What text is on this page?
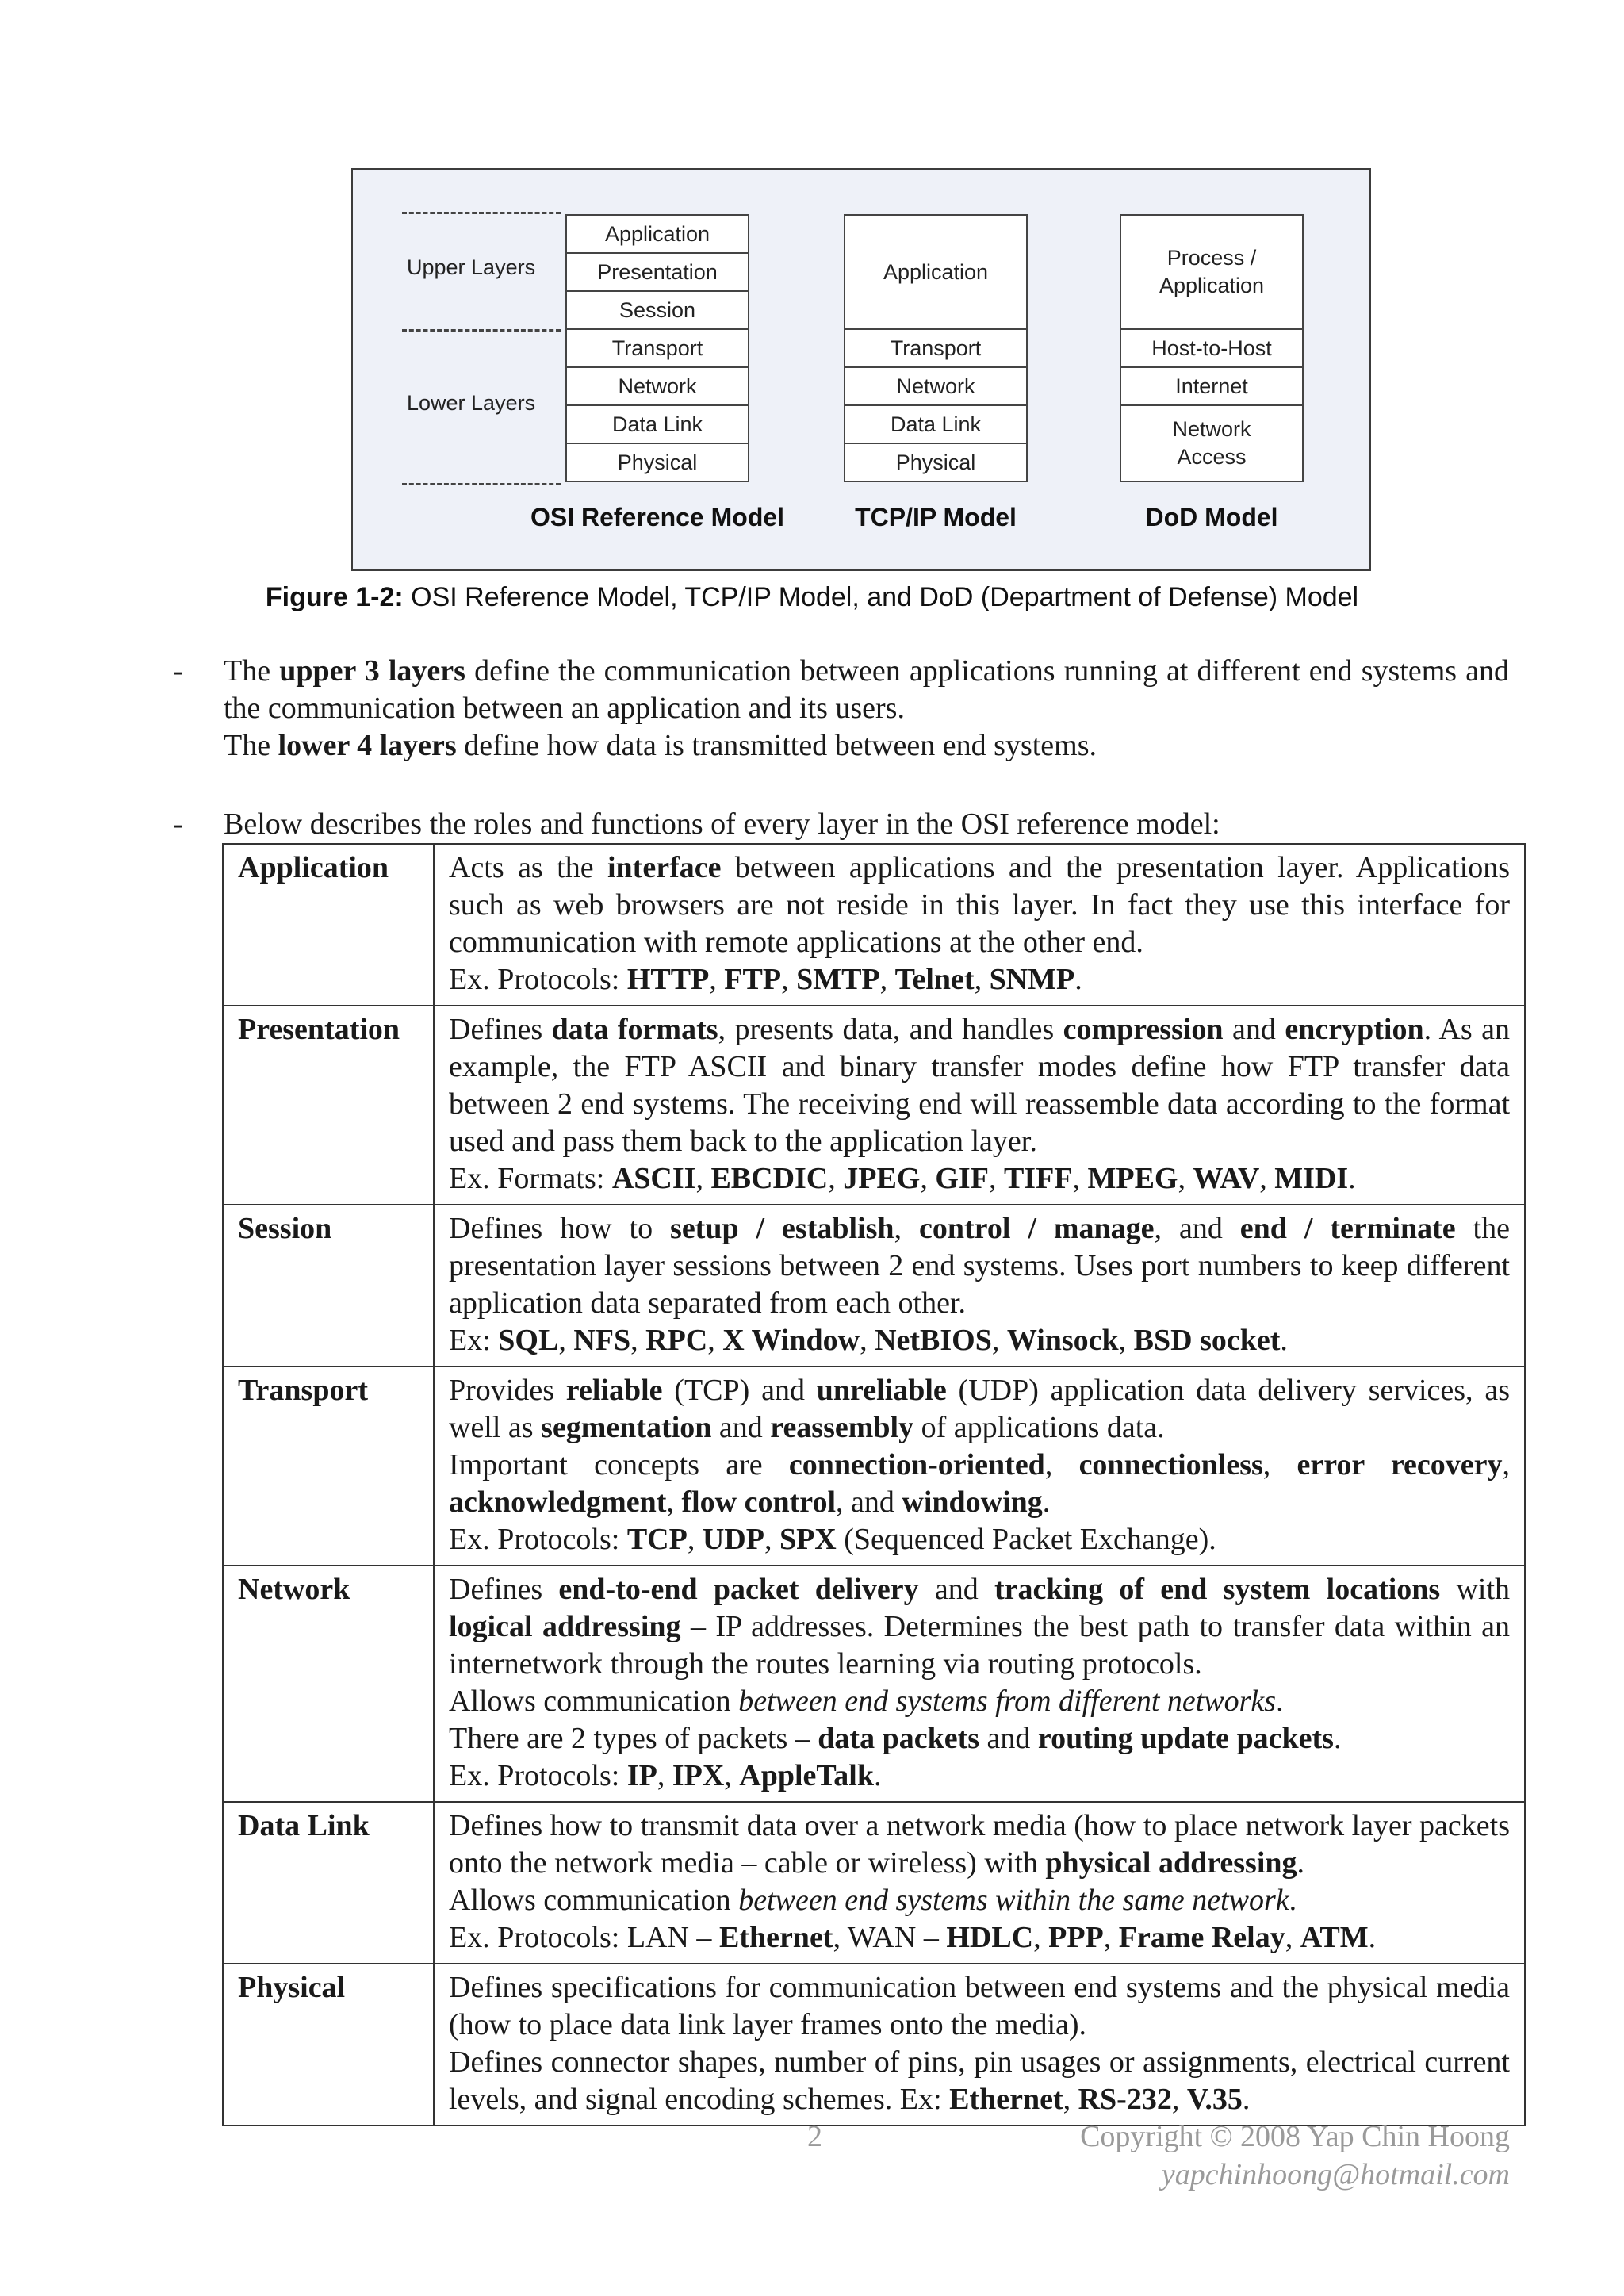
Upper Layers
Lower Layers
Application
Presentation
Session
Transport
Network
Data Link
Physical
Application
Transport
Network
Data Link
Physical
Process / Application
Host-to-Host
Internet
Network Access
OSI Reference Model	TCP/IP Model	DoD Model
Figure 1-2: OSI Reference Model, TCP/IP Model, and DoD (Department of Defense) Model
- The upper 3 layers define the communication between applications running at different end systems and the communication between an application and its users.
The lower 4 layers define how data is transmitted between end systems.
- Below describes the roles and functions of every layer in the OSI reference model:
Application	Acts as the interface between applications and the presentation layer. Applications such as web browsers are not reside in this layer. In fact they use this interface for communication with remote applications at the other end.
Ex. Protocols: HTTP, FTP, SMTP, Telnet, SNMP.
Presentation	Defines data formats, presents data, and handles compression and encryption. As an example, the FTP ASCII and binary transfer modes define how FTP transfer data between 2 end systems. The receiving end will reassemble data according to the format used and pass them back to the application layer.
Ex. Formats: ASCII, EBCDIC, JPEG, GIF, TIFF, MPEG, WAV, MIDI.
Session	Defines how to setup / establish, control / manage, and end / terminate the presentation layer sessions between 2 end systems. Uses port numbers to keep different application data separated from each other.
Ex: SQL, NFS, RPC, X Window, NetBIOS, Winsock, BSD socket.
Transport	Provides reliable (TCP) and unreliable (UDP) application data delivery services, as well as segmentation and reassembly of applications data.
Important concepts are connection-oriented, connectionless, error recovery, acknowledgment, flow control, and windowing.
Ex. Protocols: TCP, UDP, SPX (Sequenced Packet Exchange).
Network	Defines end-to-end packet delivery and tracking of end system locations with logical addressing – IP addresses. Determines the best path to transfer data within an internetwork through the routes learning via routing protocols.
Allows communication between end systems from different networks.
There are 2 types of packets – data packets and routing update packets.
Ex. Protocols: IP, IPX, AppleTalk.
Data Link	Defines how to transmit data over a network media (how to place network layer packets onto the network media – cable or wireless) with physical addressing.
Allows communication between end systems within the same network.
Ex. Protocols: LAN – Ethernet, WAN – HDLC, PPP, Frame Relay, ATM.
Physical	Defines specifications for communication between end systems and the physical media (how to place data link layer frames onto the media).
Defines connector shapes, number of pins, pin usages or assignments, electrical current levels, and signal encoding schemes. Ex: Ethernet, RS-232, V.35.
2	Copyright © 2008 Yap Chin Hoong
yapchinhoong@hotmail.com
